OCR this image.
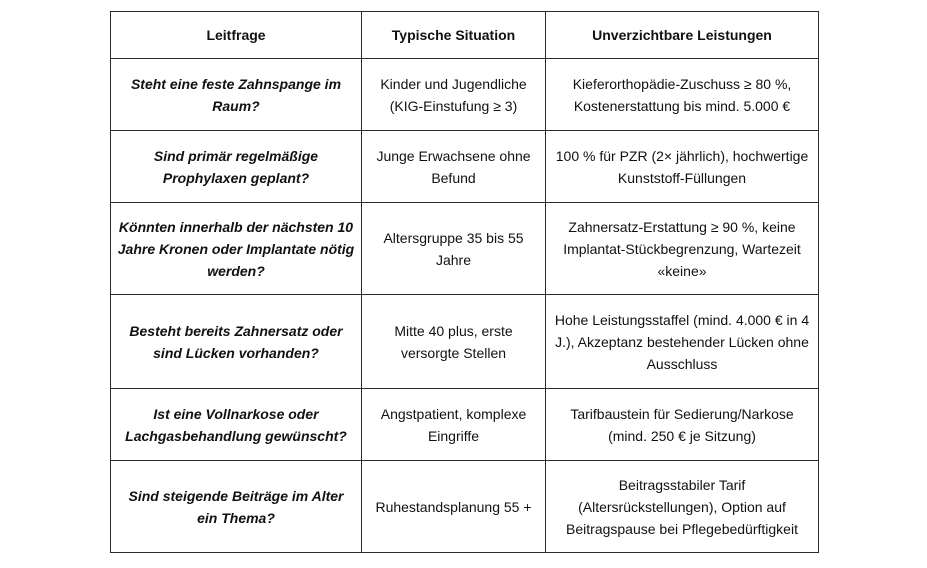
Leitfrage	Typische Situation	Unverzichtbare Leistungen
Steht eine feste Zahnspange im Raum?	Kinder und Jugendliche (KIG-Einstufung ≥ 3)	Kieferorthopädie-Zuschuss ≥ 80 %, Kostenerstattung bis mind. 5.000 €
Sind primär regelmäßige Prophylaxen geplant?	Junge Erwachsene ohne Befund	100 % für PZR (2× jährlich), hochwertige Kunststoff-Füllungen
Könnten innerhalb der nächsten 10 Jahre Kronen oder Implantate nötig werden?	Altersgruppe 35 bis 55 Jahre	Zahnersatz-Erstattung ≥ 90 %, keine Implantat-Stückbegrenzung, Wartezeit «keine»
Besteht bereits Zahnersatz oder sind Lücken vorhanden?	Mitte 40 plus, erste versorgte Stellen	Hohe Leistungsstaffel (mind. 4.000 € in 4 J.), Akzeptanz bestehender Lücken ohne Ausschluss
Ist eine Vollnarkose oder Lachgasbehandlung gewünscht?	Angstpatient, komplexe Eingriffe	Tarifbaustein für Sedierung/Narkose (mind. 250 € je Sitzung)
Sind steigende Beiträge im Alter ein Thema?	Ruhestandsplanung 55 +	Beitragsstabiler Tarif (Altersrückstellungen), Option auf Beitragspause bei Pflegebedürftigkeit
